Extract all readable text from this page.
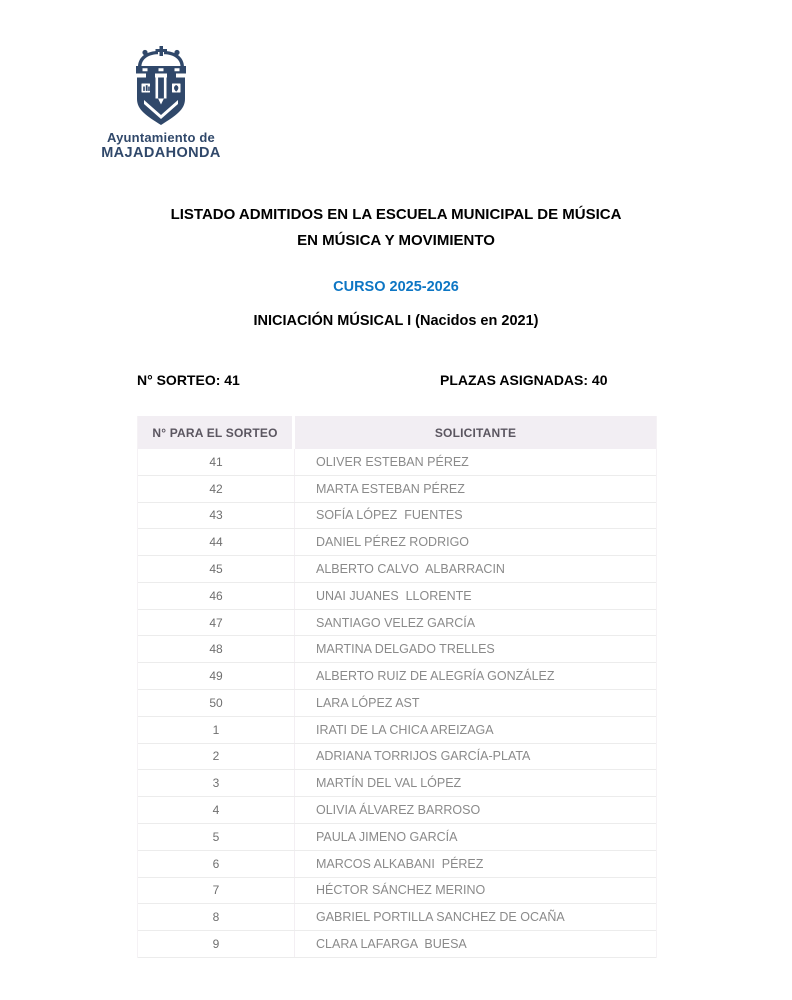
Ayuntamiento de
MAJADAHONDA
LISTADO ADMITIDOS EN LA ESCUELA MUNICIPAL DE MÚSICA
EN MÚSICA Y MOVIMIENTO
CURSO 2025-2026
INICIACIÓN MÚSICAL I (Nacidos en 2021)
N° SORTEO: 41	PLAZAS ASIGNADAS: 40
N° PARA EL SORTEO	SOLICITANTE
41	OLIVER ESTEBAN PÉREZ
42	MARTA ESTEBAN PÉREZ
43	SOFÍA LÓPEZ  FUENTES
44	DANIEL PÉREZ RODRIGO
45	ALBERTO CALVO  ALBARRACIN
46	UNAI JUANES  LLORENTE
47	SANTIAGO VELEZ GARCÍA
48	MARTINA DELGADO TRELLES
49	ALBERTO RUIZ DE ALEGRÍA GONZÁLEZ
50	LARA LÓPEZ AST
1	IRATI DE LA CHICA AREIZAGA
2	ADRIANA TORRIJOS GARCÍA-PLATA
3	MARTÍN DEL VAL LÓPEZ
4	OLIVIA ÁLVAREZ BARROSO
5	PAULA JIMENO GARCÍA
6	MARCOS ALKABANI  PÉREZ
7	HÉCTOR SÁNCHEZ MERINO
8	GABRIEL PORTILLA SANCHEZ DE OCAÑA
9	CLARA LAFARGA  BUESA
